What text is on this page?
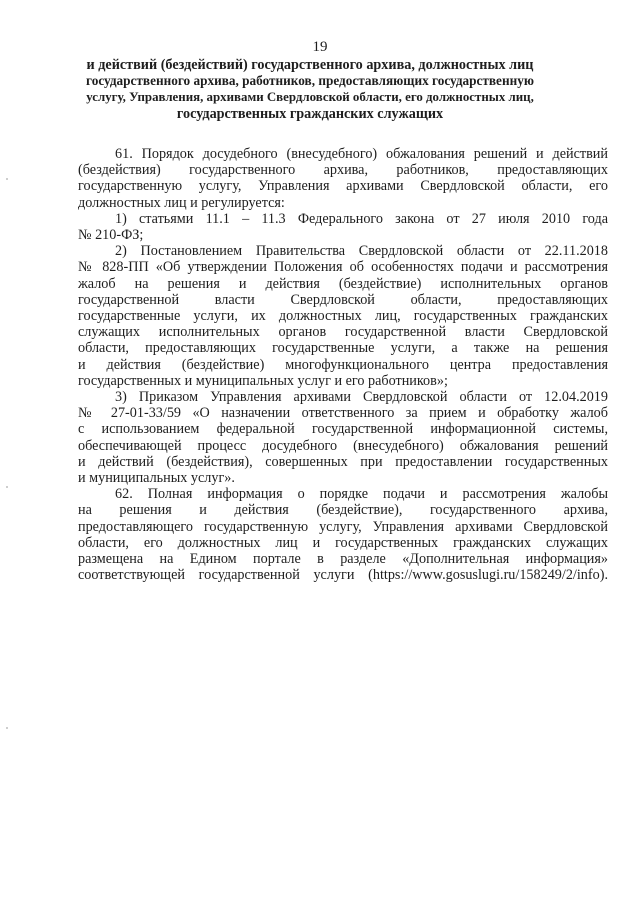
19
и действий (бездействий) государственного архива, должностных лиц
государственного архива, работников, предоставляющих государственную
услугу, Управления, архивами Свердловской области, его должностных лиц,
государственных гражданских служащих
61. Порядок досудебного (внесудебного) обжалования решений и действий
(бездействия) государственного архива, работников, предоставляющих
государственную услугу, Управления архивами Свердловской области, его
должностных лиц и регулируется:
1) статьями 11.1 – 11.3 Федерального закона от 27 июля 2010 года
№ 210-ФЗ;
2) Постановлением Правительства Свердловской области от 22.11.2018
№ 828-ПП «Об утверждении Положения об особенностях подачи и рассмотрения
жалоб на решения и действия (бездействие) исполнительных органов
государственной власти Свердловской области, предоставляющих
государственные услуги, их должностных лиц, государственных гражданских
служащих исполнительных органов государственной власти Свердловской
области, предоставляющих государственные услуги, а также на решения
и действия (бездействие) многофункционального центра предоставления
государственных и муниципальных услуг и его работников»;
3) Приказом Управления архивами Свердловской области от 12.04.2019
№ 27-01-33/59 «О назначении ответственного за прием и обработку жалоб
с использованием федеральной государственной информационной системы,
обеспечивающей процесс досудебного (внесудебного) обжалования решений
и действий (бездействия), совершенных при предоставлении государственных
и муниципальных услуг».
62. Полная информация о порядке подачи и рассмотрения жалобы
на решения и действия (бездействие), государственного архива,
предоставляющего государственную услугу, Управления архивами Свердловской
области, его должностных лиц и государственных гражданских служащих
размещена на Едином портале в разделе «Дополнительная информация»
соответствующей государственной услуги (https://www.gosuslugi.ru/158249/2/info).
